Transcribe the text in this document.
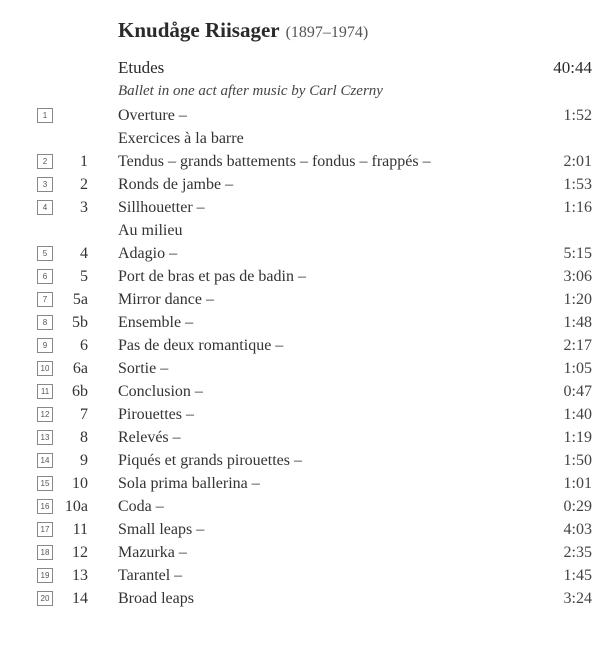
Knudåge Riisager (1897–1974)
Etudes	40:44
Ballet in one act after music by Carl Czerny
1	Overture –	1:52
Exercices à la barre
2	1 Tendus – grands battements – fondus – frappés –	2:01
3	2 Ronds de jambe –	1:53
4	3 Sillhouetter –	1:16
Au milieu
5	4 Adagio –	5:15
6	5 Port de bras et pas de badin –	3:06
7	5a Mirror dance –	1:20
8	5b Ensemble –	1:48
9	6 Pas de deux romantique –	2:17
10	6a Sortie –	1:05
11	6b Conclusion –	0:47
12	7 Pirouettes –	1:40
13	8 Relevés –	1:19
14	9 Piqués et grands pirouettes –	1:50
15	10 Sola prima ballerina –	1:01
16 10a Coda –	0:29
17	11 Small leaps –	4:03
18	12 Mazurka –	2:35
19	13 Tarantel –	1:45
20	14 Broad leaps	3:24
